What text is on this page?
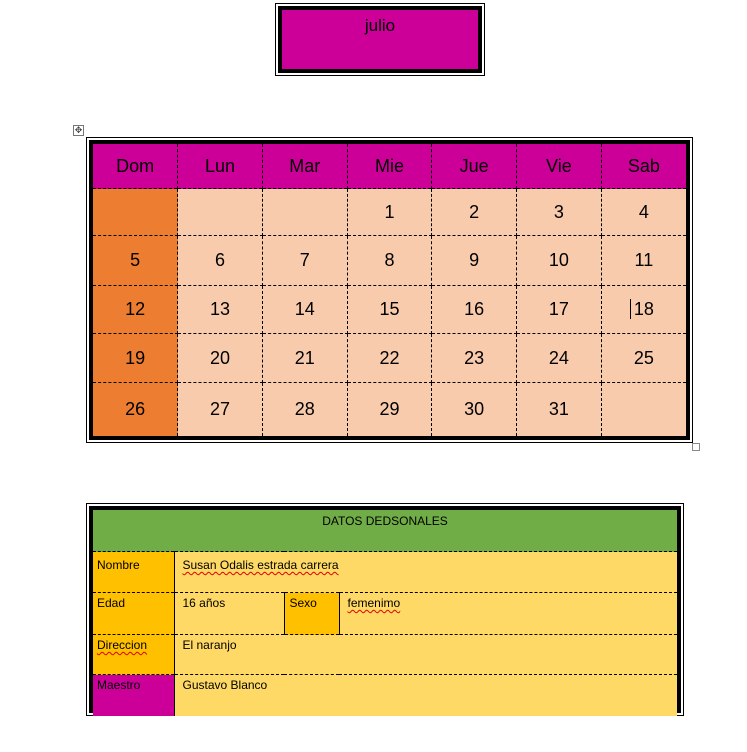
julio
✥
Dom	Lun	Mar	Mie	Jue	Vie	Sab
			1	2	3	4
5	6	7	8	9	10	11
12	13	14	15	16	17	18
19	20	21	22	23	24	25
26	27	28	29	30	31	
DATOS DEDSONALES			
Nombre	Susan Odalis estrada carrera		
Edad	16 años	Sexo	femenimo
Direccion	El naranjo		
Maestro	Gustavo Blanco		
